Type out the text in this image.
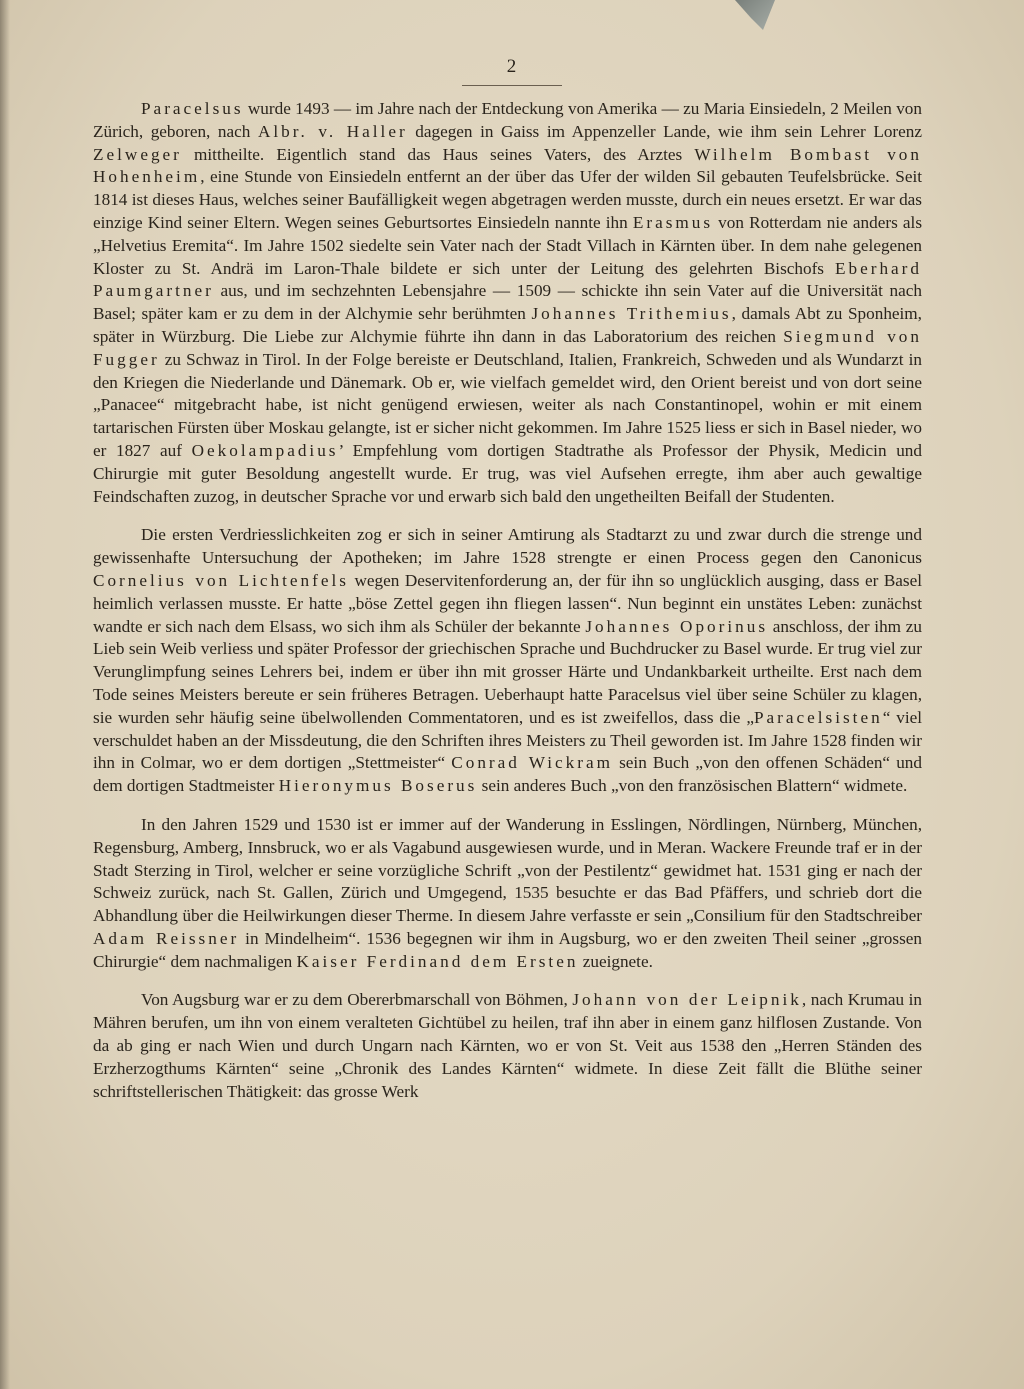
2

Paracelsus wurde 1493 — im Jahre nach der Entdeckung von Amerika — zu Maria Einsiedeln, 2 Meilen von Zürich, geboren, nach Albr. v. Haller dagegen in Gaiss im Appenzeller Lande, wie ihm sein Lehrer Lorenz Zelweger mittheilte. Eigentlich stand das Haus seines Vaters, des Arztes Wilhelm Bombast von Hohenheim, eine Stunde von Einsiedeln entfernt an der über das Ufer der wilden Sil gebauten Teufelsbrücke. Seit 1814 ist dieses Haus, welches seiner Baufälligkeit wegen abgetragen werden musste, durch ein neues ersetzt. Er war das einzige Kind seiner Eltern. Wegen seines Geburtsortes Einsiedeln nannte ihn Erasmus von Rotterdam nie anders als „Helvetius Eremita“. Im Jahre 1502 siedelte sein Vater nach der Stadt Villach in Kärnten über. In dem nahe gelegenen Kloster zu St. Andrä im Laron-Thale bildete er sich unter der Leitung des gelehrten Bischofs Eberhard Paumgartner aus, und im sechzehnten Lebensjahre — 1509 — schickte ihn sein Vater auf die Universität nach Basel; später kam er zu dem in der Alchymie sehr berühmten Johannes Trithemius, damals Abt zu Sponheim, später in Würzburg. Die Liebe zur Alchymie führte ihn dann in das Laboratorium des reichen Siegmund von Fugger zu Schwaz in Tirol. In der Folge bereiste er Deutschland, Italien, Frankreich, Schweden und als Wundarzt in den Kriegen die Niederlande und Dänemark. Ob er, wie vielfach gemeldet wird, den Orient bereist und von dort seine „Panacee“ mitgebracht habe, ist nicht genügend erwiesen, weiter als nach Constantinopel, wohin er mit einem tartarischen Fürsten über Moskau gelangte, ist er sicher nicht gekommen. Im Jahre 1525 liess er sich in Basel nieder, wo er 1827 auf Oekolampadius’ Empfehlung vom dortigen Stadtrathe als Professor der Physik, Medicin und Chirurgie mit guter Besoldung angestellt wurde. Er trug, was viel Aufsehen erregte, ihm aber auch gewaltige Feindschaften zuzog, in deutscher Sprache vor und erwarb sich bald den ungetheilten Beifall der Studenten.

Die ersten Verdriesslichkeiten zog er sich in seiner Amtirung als Stadtarzt zu und zwar durch die strenge und gewissenhafte Untersuchung der Apotheken; im Jahre 1528 strengte er einen Process gegen den Canonicus Cornelius von Lichtenfels wegen Deservitenforderung an, der für ihn so unglücklich ausging, dass er Basel heimlich verlassen musste. Er hatte „böse Zettel gegen ihn fliegen lassen“. Nun beginnt ein unstätes Leben: zunächst wandte er sich nach dem Elsass, wo sich ihm als Schüler der bekannte Johannes Oporinus anschloss, der ihm zu Lieb sein Weib verliess und später Professor der griechischen Sprache und Buchdrucker zu Basel wurde. Er trug viel zur Verunglimpfung seines Lehrers bei, indem er über ihn mit grosser Härte und Undankbarkeit urtheilte. Erst nach dem Tode seines Meisters bereute er sein früheres Betragen. Ueberhaupt hatte Paracelsus viel über seine Schüler zu klagen, sie wurden sehr häufig seine übelwollenden Commentatoren, und es ist zweifellos, dass die „Paracelsisten“ viel verschuldet haben an der Missdeutung, die den Schriften ihres Meisters zu Theil geworden ist. Im Jahre 1528 finden wir ihn in Colmar, wo er dem dortigen „Stettmeister“ Conrad Wickram sein Buch „von den offenen Schäden“ und dem dortigen Stadtmeister Hieronymus Boserus sein anderes Buch „von den französischen Blattern“ widmete.

In den Jahren 1529 und 1530 ist er immer auf der Wanderung in Esslingen, Nördlingen, Nürnberg, München, Regensburg, Amberg, Innsbruck, wo er als Vagabund ausgewiesen wurde, und in Meran. Wackere Freunde traf er in der Stadt Sterzing in Tirol, welcher er seine vorzügliche Schrift „von der Pestilentz“ gewidmet hat. 1531 ging er nach der Schweiz zurück, nach St. Gallen, Zürich und Umgegend, 1535 besuchte er das Bad Pfäffers, und schrieb dort die Abhandlung über die Heilwirkungen dieser Therme. In diesem Jahre verfasste er sein „Consilium für den Stadtschreiber Adam Reissner in Mindelheim“. 1536 begegnen wir ihm in Augsburg, wo er den zweiten Theil seiner „grossen Chirurgie“ dem nachmaligen Kaiser Ferdinand dem Ersten zueignete.

Von Augsburg war er zu dem Obererbmarschall von Böhmen, Johann von der Leipnik, nach Krumau in Mähren berufen, um ihn von einem veralteten Gichtübel zu heilen, traf ihn aber in einem ganz hilflosen Zustande. Von da ab ging er nach Wien und durch Ungarn nach Kärnten, wo er von St. Veit aus 1538 den „Herren Ständen des Erzherzogthums Kärnten“ seine „Chronik des Landes Kärnten“ widmete. In diese Zeit fällt die Blüthe seiner schriftstellerischen Thätigkeit: das grosse Werk
